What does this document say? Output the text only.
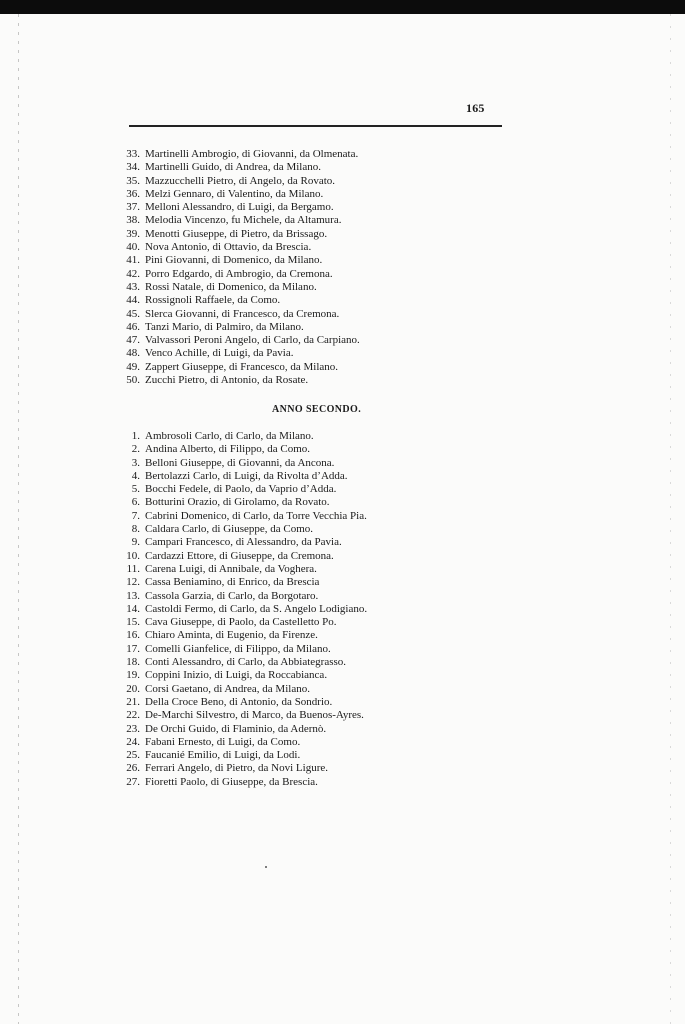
165
33. Martinelli Ambrogio, di Giovanni, da Olmenata.
34. Martinelli Guido, di Andrea, da Milano.
35. Mazzucchelli Pietro, di Angelo, da Rovato.
36. Melzi Gennaro, di Valentino, da Milano.
37. Melloni Alessandro, di Luigi, da Bergamo.
38. Melodia Vincenzo, fu Michele, da Altamura.
39. Menotti Giuseppe, di Pietro, da Brissago.
40. Nova Antonio, di Ottavio, da Brescia.
41. Pini Giovanni, di Domenico, da Milano.
42. Porro Edgardo, di Ambrogio, da Cremona.
43. Rossi Natale, di Domenico, da Milano.
44. Rossignoli Raffaele, da Como.
45. Slerca Giovanni, di Francesco, da Cremona.
46. Tanzi Mario, di Palmiro, da Milano.
47. Valvassori Peroni Angelo, di Carlo, da Carpiano.
48. Venco Achille, di Luigi, da Pavia.
49. Zappert Giuseppe, di Francesco, da Milano.
50. Zucchi Pietro, di Antonio, da Rosate.
ANNO SECONDO.
1. Ambrosoli Carlo, di Carlo, da Milano.
2. Andina Alberto, di Filippo, da Como.
3. Belloni Giuseppe, di Giovanni, da Ancona.
4. Bertolazzi Carlo, di Luigi, da Rivolta d’Adda.
5. Bocchi Fedele, di Paolo, da Vaprio d’Adda.
6. Botturini Orazio, di Girolamo, da Rovato.
7. Cabrini Domenico, di Carlo, da Torre Vecchia Pia.
8. Caldara Carlo, di Giuseppe, da Como.
9. Campari Francesco, di Alessandro, da Pavia.
10. Cardazzi Ettore, di Giuseppe, da Cremona.
11. Carena Luigi, di Annibale, da Voghera.
12. Cassa Beniamino, di Enrico, da Brescia
13. Cassola Garzia, di Carlo, da Borgotaro.
14. Castoldi Fermo, di Carlo, da S. Angelo Lodigiano.
15. Cava Giuseppe, di Paolo, da Castelletto Po.
16. Chiaro Aminta, di Eugenio, da Firenze.
17. Comelli Gianfelice, di Filippo, da Milano.
18. Conti Alessandro, di Carlo, da Abbiategrasso.
19. Coppini Inizio, di Luigi, da Roccabianca.
20. Corsi Gaetano, di Andrea, da Milano.
21. Della Croce Beno, di Antonio, da Sondrio.
22. De-Marchi Silvestro, di Marco, da Buenos-Ayres.
23. De Orchi Guido, di Flaminio, da Adernò.
24. Fabani Ernesto, di Luigi, da Como.
25. Faucanié Emilio, di Luigi, da Lodi.
26. Ferrari Angelo, di Pietro, da Novi Ligure.
27. Fioretti Paolo, di Giuseppe, da Brescia.
